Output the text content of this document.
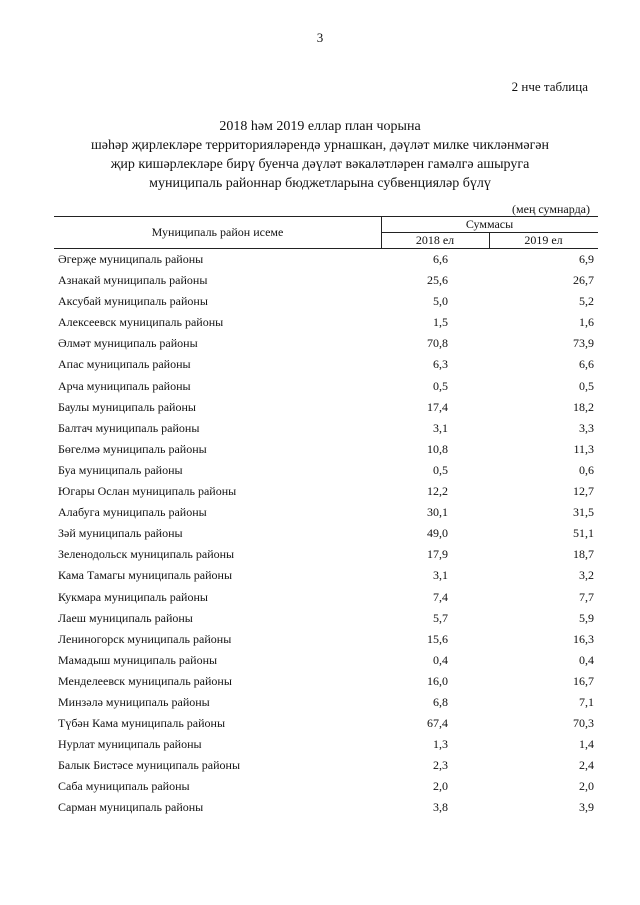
3
2 нче таблица
2018 һәм 2019 еллар план чорына
шәһәр җирлекләре территорияләрендә урнашкан, дәүләт милке чикләнмәгән
җир кишәрлекләре бирү буенча дәүләт вәкаләтләрен гамәлгә ашыруга
муниципаль районнар бюджетларына субвенцияләр бүлү
(мең сумнарда)
Муниципаль район исеме
Суммасы
2018 ел	2019 ел
Әгерҗе муниципаль районы	6,6	6,9
Азнакай муниципаль районы	25,6	26,7
Аксубай муниципаль районы	5,0	5,2
Алексеевск муниципаль районы	1,5	1,6
Әлмәт муниципаль районы	70,8	73,9
Апас муниципаль районы	6,3	6,6
Арча муниципаль районы	0,5	0,5
Баулы муниципаль районы	17,4	18,2
Балтач муниципаль районы	3,1	3,3
Бөгелмә муниципаль районы	10,8	11,3
Буа муниципаль районы	0,5	0,6
Югары Ослан муниципаль районы	12,2	12,7
Алабуга муниципаль районы	30,1	31,5
Зәй муниципаль районы	49,0	51,1
Зеленодольск муниципаль районы	17,9	18,7
Кама Тамагы муниципаль районы	3,1	3,2
Кукмара муниципаль районы	7,4	7,7
Лаеш муниципаль районы	5,7	5,9
Лениногорск муниципаль районы	15,6	16,3
Мамадыш муниципаль районы	0,4	0,4
Менделеевск муниципаль районы	16,0	16,7
Минзәлә муниципаль районы	6,8	7,1
Түбән Кама муниципаль районы	67,4	70,3
Нурлат муниципаль районы	1,3	1,4
Балык Бистәсе муниципаль районы	2,3	2,4
Саба муниципаль районы	2,0	2,0
Сарман муниципаль районы	3,8	3,9
